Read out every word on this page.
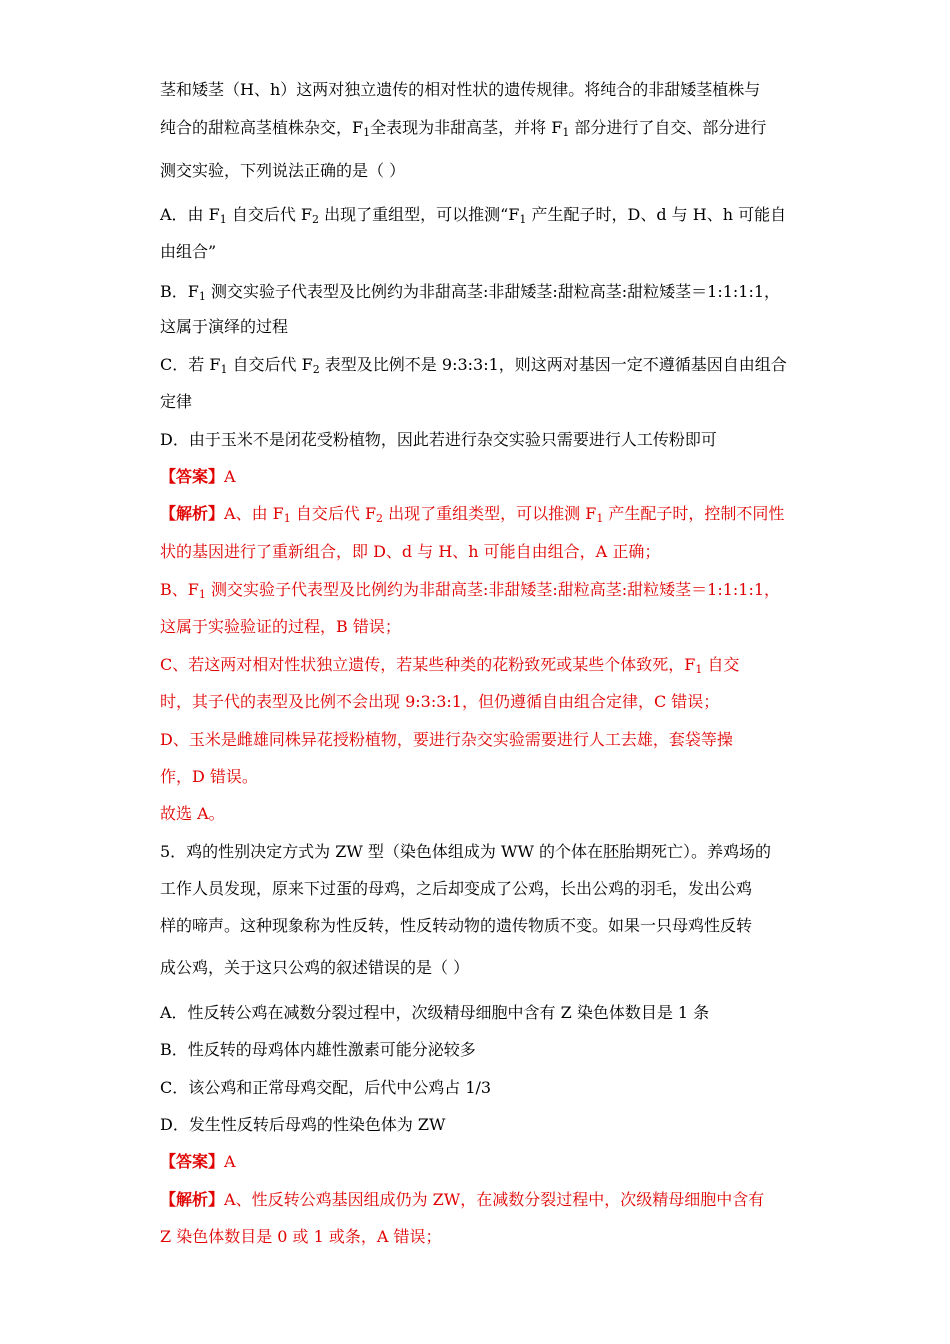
茎和矮茎（H、h）这两对独立遗传的相对性状的遗传规律。将纯合的非甜矮茎植株与
纯合的甜粒高茎植株杂交，$F_1$全表现为非甜高茎，并将 $F_1$ 部分进行了自交、部分进行
测交实验，下列说法正确的是（ ）
A．由 $F_1$ 自交后代 $F_2$ 出现了重组型，可以推测“$F_1$ 产生配子时，D、d 与 H、h 可能自
由组合”
B．$F_1$ 测交实验子代表型及比例约为非甜高茎:非甜矮茎:甜粒高茎:甜粒矮茎＝1:1:1:1，
这属于演绎的过程
C．若 $F_1$ 自交后代 $F_2$ 表型及比例不是 9:3:3:1，则这两对基因一定不遵循基因自由组合
定律
D．由于玉米不是闭花受粉植物，因此若进行杂交实验只需要进行人工传粉即可
【答案】A
【解析】A、由 $F_1$ 自交后代 $F_2$ 出现了重组类型，可以推测 $F_1$ 产生配子时，控制不同性
状的基因进行了重新组合，即 D、d 与 H、h 可能自由组合，A 正确；
B、$F_1$ 测交实验子代表型及比例约为非甜高茎:非甜矮茎:甜粒高茎:甜粒矮茎＝1:1:1:1，
这属于实验验证的过程，B 错误；
C、若这两对相对性状独立遗传，若某些种类的花粉致死或某些个体致死，$F_1$ 自交
时，其子代的表型及比例不会出现 9:3:3:1，但仍遵循自由组合定律，C 错误；
D、玉米是雌雄同株异花授粉植物，要进行杂交实验需要进行人工去雄，套袋等操
作，D 错误。
故选 A。
5．鸡的性别决定方式为 ZW 型（染色体组成为 WW 的个体在胚胎期死亡）。养鸡场的
工作人员发现，原来下过蛋的母鸡，之后却变成了公鸡，长出公鸡的羽毛，发出公鸡
样的啼声。这种现象称为性反转，性反转动物的遗传物质不变。如果一只母鸡性反转
成公鸡，关于这只公鸡的叙述错误的是（ ）
A．性反转公鸡在减数分裂过程中，次级精母细胞中含有 Z 染色体数目是 1 条
B．性反转的母鸡体内雄性激素可能分泌较多
C．该公鸡和正常母鸡交配，后代中公鸡占 1/3
D．发生性反转后母鸡的性染色体为 ZW
【答案】A
【解析】A、性反转公鸡基因组成仍为 ZW，在减数分裂过程中，次级精母细胞中含有
Z 染色体数目是 0 或 1 或条，A 错误；
